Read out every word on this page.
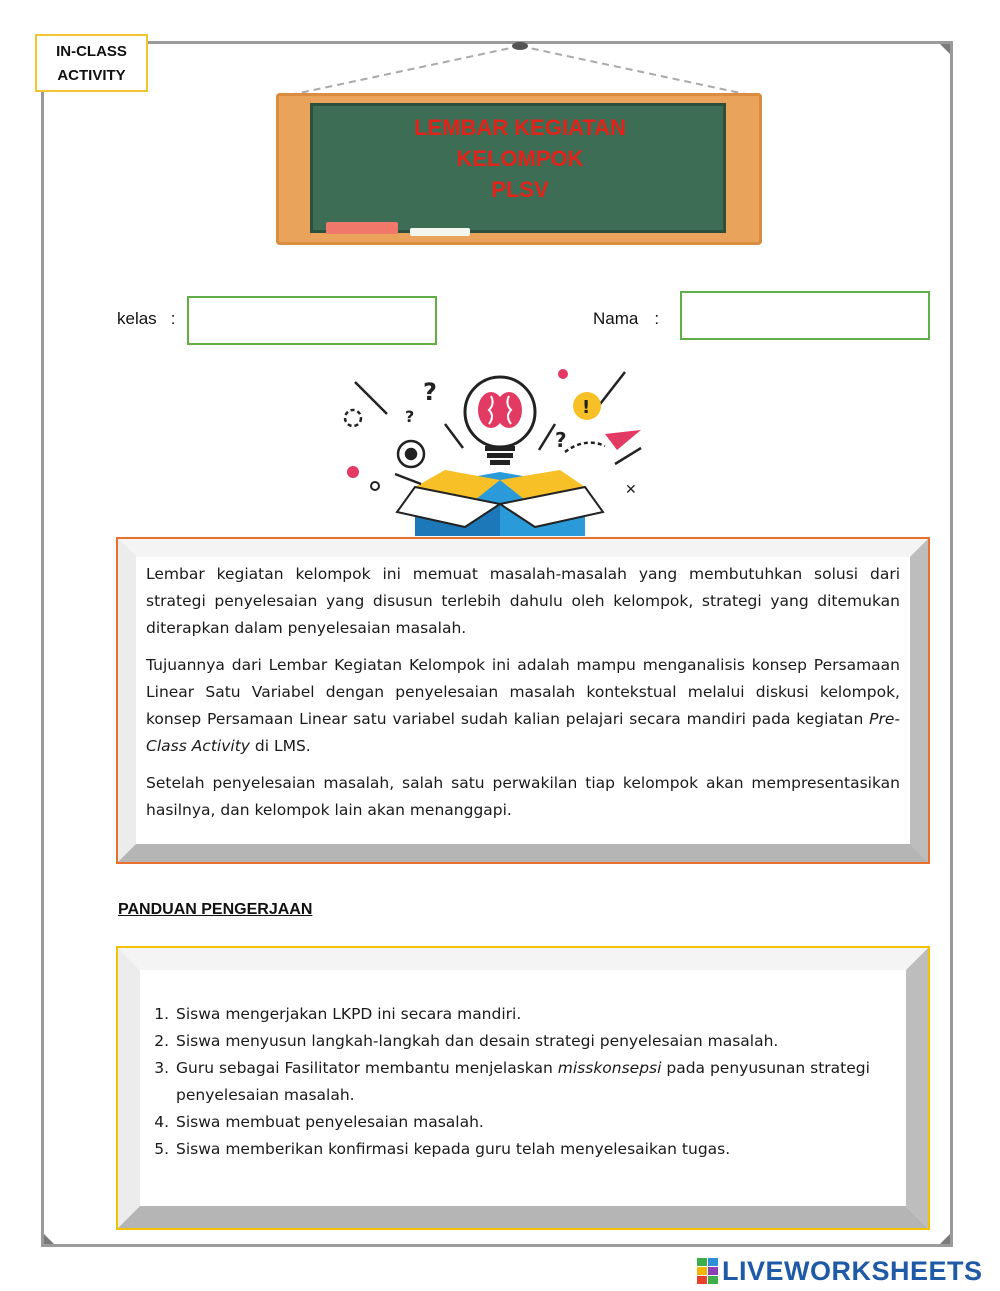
IN-CLASS
ACTIVITY
LEMBAR KEGIATAN
KELOMPOK
PLSV
kelas :	Nama :
?
?
?
!
✕

Lembar kegiatan kelompok ini memuat masalah-masalah yang membutuhkan solusi dari strategi penyelesaian yang disusun terlebih dahulu oleh kelompok, strategi yang ditemukan diterapkan dalam penyelesaian masalah.

Tujuannya dari Lembar Kegiatan Kelompok ini adalah mampu menganalisis konsep Persamaan Linear Satu Variabel dengan penyelesaian masalah kontekstual melalui diskusi kelompok, konsep Persamaan Linear satu variabel sudah kalian pelajari secara mandiri pada kegiatan Pre-Class Activity di LMS.

Setelah penyelesaian masalah, salah satu perwakilan tiap kelompok akan mempresentasikan hasilnya, dan kelompok lain akan menanggapi.

PANDUAN PENGERJAAN
1. Siswa mengerjakan LKPD ini secara mandiri.
2. Siswa menyusun langkah-langkah dan desain strategi penyelesaian masalah.
3. Guru sebagai Fasilitator membantu menjelaskan misskonsepsi pada penyusunan strategi penyelesaian masalah.
4. Siswa membuat penyelesaian masalah.
5. Siswa memberikan konfirmasi kepada guru telah menyelesaikan tugas.
LIVEWORKSHEETS
